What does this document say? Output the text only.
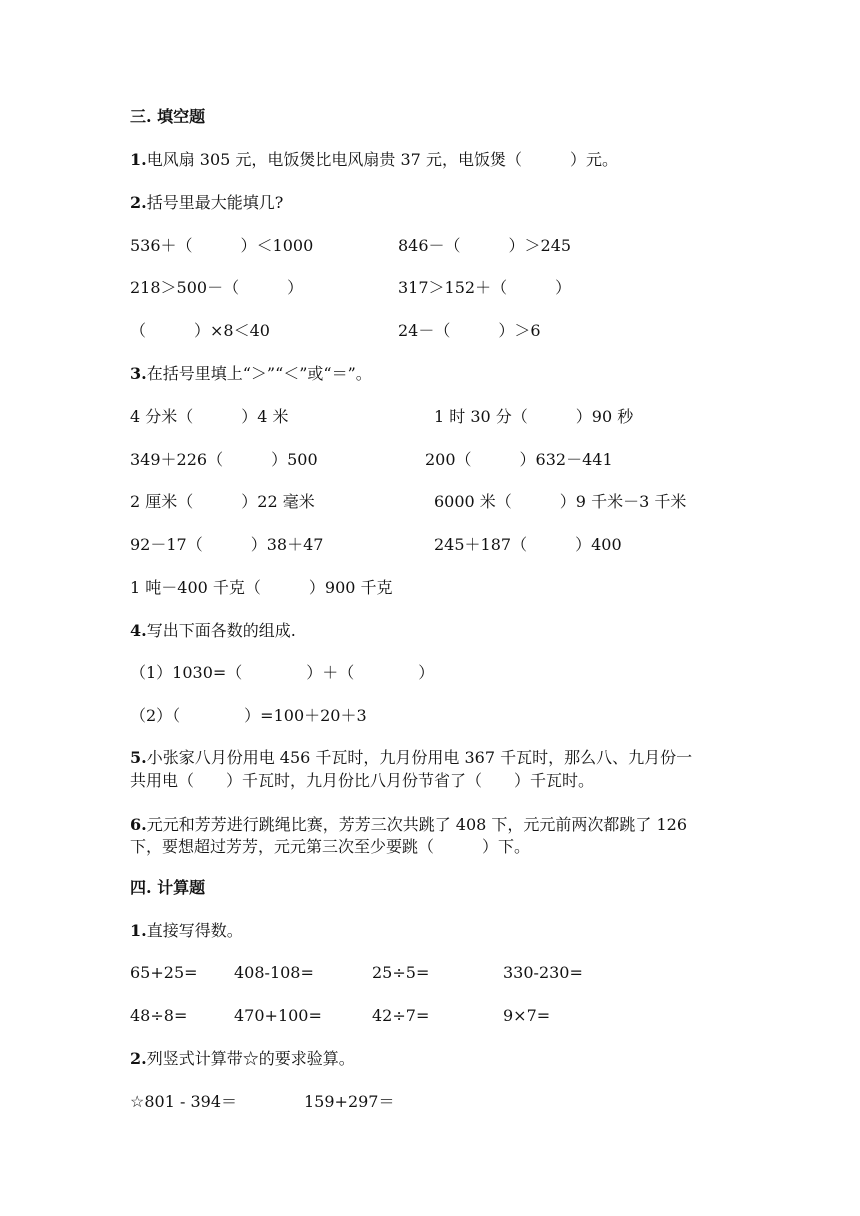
三. 填空题
1.电风扇 305 元，电饭煲比电风扇贵 37 元，电饭煲（　　　）元。
2.括号里最大能填几?
536＋（　　　）＜1000	846－（　　　）＞245
218＞500－（　　　）	317＞152＋（　　　）
（　　　）×8＜40	24－（　　　）＞6
3.在括号里填上“＞”“＜”或“＝”。
4 分米（　　　）4 米	1 时 30 分（　　　）90 秒
349＋226（　　　）500	200（　　　）632－441
2 厘米（　　　）22 毫米	6000 米（　　　）9 千米－3 千米
92－17（　　　）38＋47	245＋187（　　　）400
1 吨－400 千克（　　　）900 千克
4.写出下面各数的组成.
（1）1030=（　　　　）＋（　　　　）
（2）（　　　　）=100＋20＋3
5.小张家八月份用电 456 千瓦时，九月份用电 367 千瓦时，那么八、九月份一
共用电（　　）千瓦时，九月份比八月份节省了（　　）千瓦时。
6.元元和芳芳进行跳绳比赛，芳芳三次共跳了 408 下，元元前两次都跳了 126
下，要想超过芳芳，元元第三次至少要跳（　　　）下。
四. 计算题
1.直接写得数。
65+25= 408-108=	25÷5=	330-230=
48÷8=	470+100=	42÷7=	9×7=
2.列竖式计算带☆的要求验算。
☆801 - 394＝	159+297＝
